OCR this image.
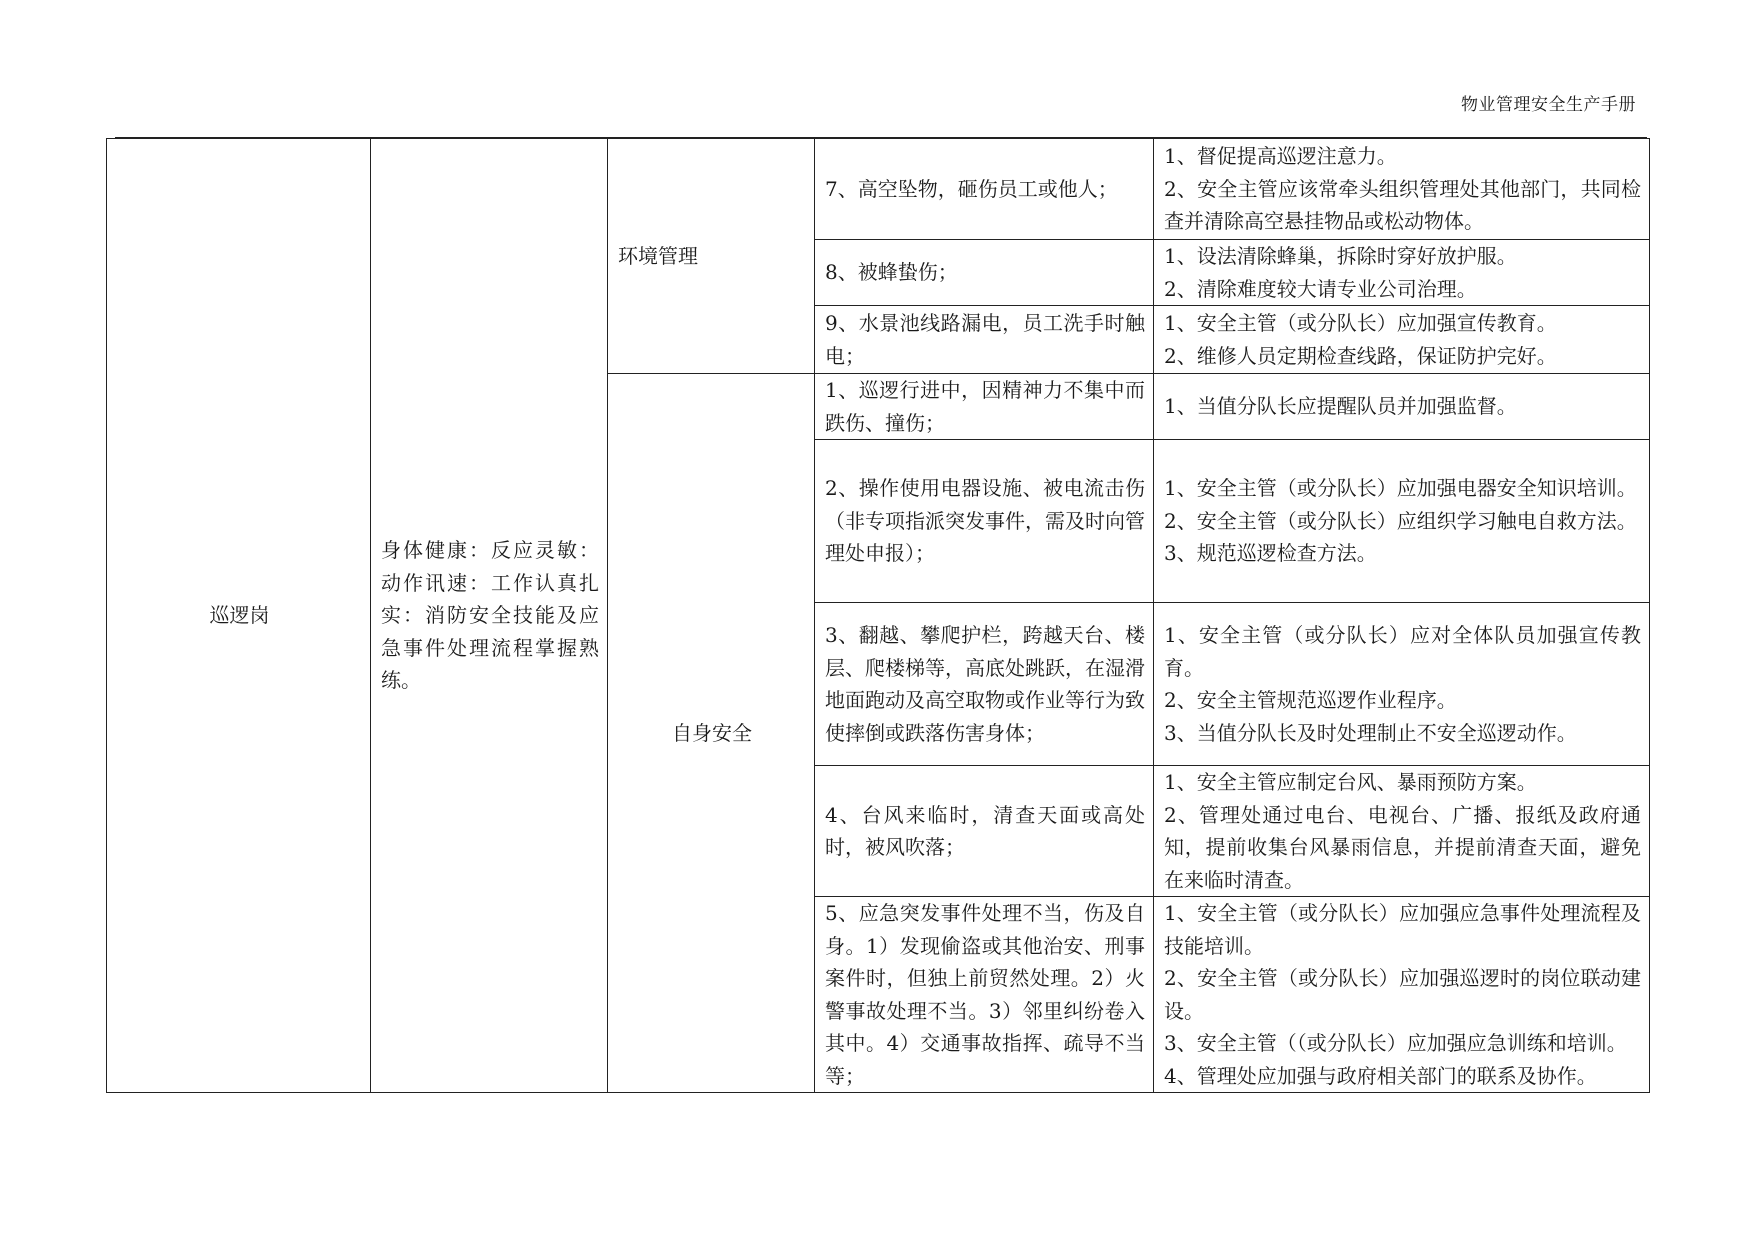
物业管理安全生产手册
巡逻岗	身体健康：反应灵敏：动作讯速：工作认真扎实：消防安全技能及应急事件处理流程掌握熟练。	环境管理	7、高空坠物，砸伤员工或他人；	1、督促提高巡逻注意力。
2、安全主管应该常牵头组织管理处其他部门，共同检查并清除高空悬挂物品或松动物体。

			8、被蜂蛰伤；	1、设法清除蜂巢，拆除时穿好放护服。
2、清除难度较大请专业公司治理。

			9、水景池线路漏电，员工洗手时触电；	1、安全主管（或分队长）应加强宣传教育。
2、维修人员定期检查线路，保证防护完好。

		自身安全	1、巡逻行进中，因精神力不集中而跌伤、撞伤；	1、当值分队长应提醒队员并加强监督。

			2、操作使用电器设施、被电流击伤（非专项指派突发事件，需及时向管理处申报）；	1、安全主管（或分队长）应加强电器安全知识培训。
2、安全主管（或分队长）应组织学习触电自救方法。
3、规范巡逻检查方法。

			3、翻越、攀爬护栏，跨越天台、楼层、爬楼梯等，高底处跳跃，在湿滑地面跑动及高空取物或作业等行为致使摔倒或跌落伤害身体；	1、安全主管（或分队长）应对全体队员加强宣传教育。
2、安全主管规范巡逻作业程序。
3、当值分队长及时处理制止不安全巡逻动作。

			4、台风来临时，清查天面或高处时，被风吹落；	1、安全主管应制定台风、暴雨预防方案。
2、管理处通过电台、电视台、广播、报纸及政府通知，提前收集台风暴雨信息，并提前清查天面，避免在来临时清查。

			5、应急突发事件处理不当，伤及自身。1）发现偷盗或其他治安、刑事案件时，但独上前贸然处理。2）火警事故处理不当。3）邻里纠纷卷入其中。4）交通事故指挥、疏导不当等；	1、安全主管（或分队长）应加强应急事件处理流程及技能培训。
2、安全主管（或分队长）应加强巡逻时的岗位联动建设。
3、安全主管（（或分队长）应加强应急训练和培训。
4、管理处应加强与政府相关部门的联系及协作。
